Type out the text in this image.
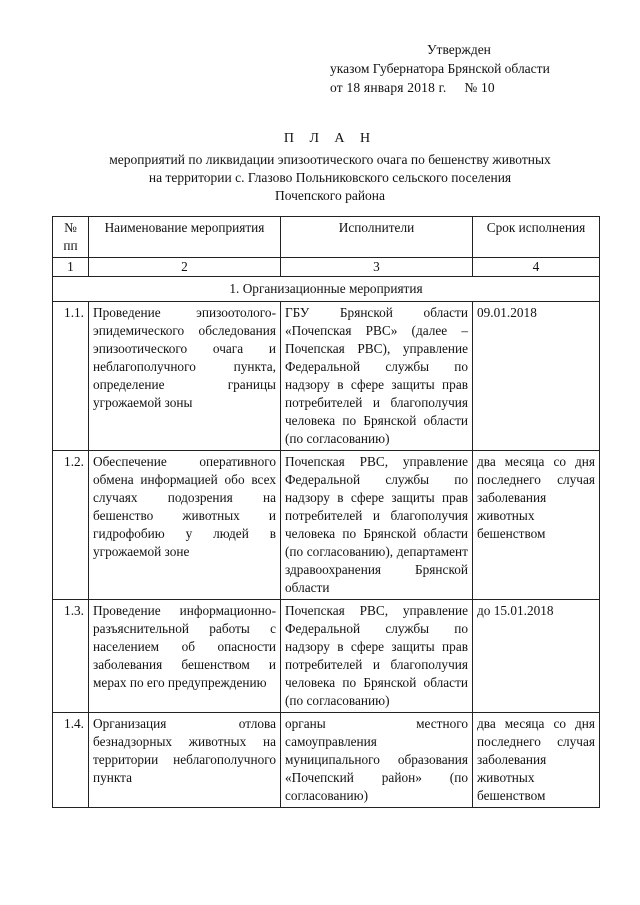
Утвержден
указом Губернатора Брянской области
от 18 января 2018 г.     № 10
П Л А Н
мероприятий по ликвидации эпизоотического очага по бешенству животных
на территории с. Глазово Польниковского сельского поселения
Почепского района
№ пп	Наименование мероприятия	Исполнители	Срок исполнения
1	2	3	4
1. Организационные мероприятия			
1.1.	Проведение эпизоотолого-эпидемического обследования эпизоотического очага и неблагополучного пункта, определение границы угрожаемой зоны	ГБУ Брянской области «Почепская РВС» (далее – Почепская РВС), управление Федеральной службы по надзору в сфере защиты прав потребителей и благополучия человека по Брянской области (по согласованию)	09.01.2018
1.2.	Обеспечение оперативного обмена информацией обо всех случаях подозрения на бешенство животных и гидрофобию у людей в угрожаемой зоне	Почепская РВС, управление Федеральной службы по надзору в сфере защиты прав потребителей и благополучия человека по Брянской области (по согласованию), департамент здравоохранения Брянской области	два месяца со дня последнего случая заболевания животных бешенством
1.3.	Проведение информационно-разъяснительной работы с населением об опасности заболевания бешенством и мерах по его предупреждению	Почепская РВС, управление Федеральной службы по надзору в сфере защиты прав потребителей и благополучия человека по Брянской области (по согласованию)	до 15.01.2018
1.4.	Организация отлова безнадзорных животных на территории неблагополучного пункта	органы местного самоуправления муниципального образования «Почепский район» (по согласованию)	два месяца со дня последнего случая заболевания животных бешенством
